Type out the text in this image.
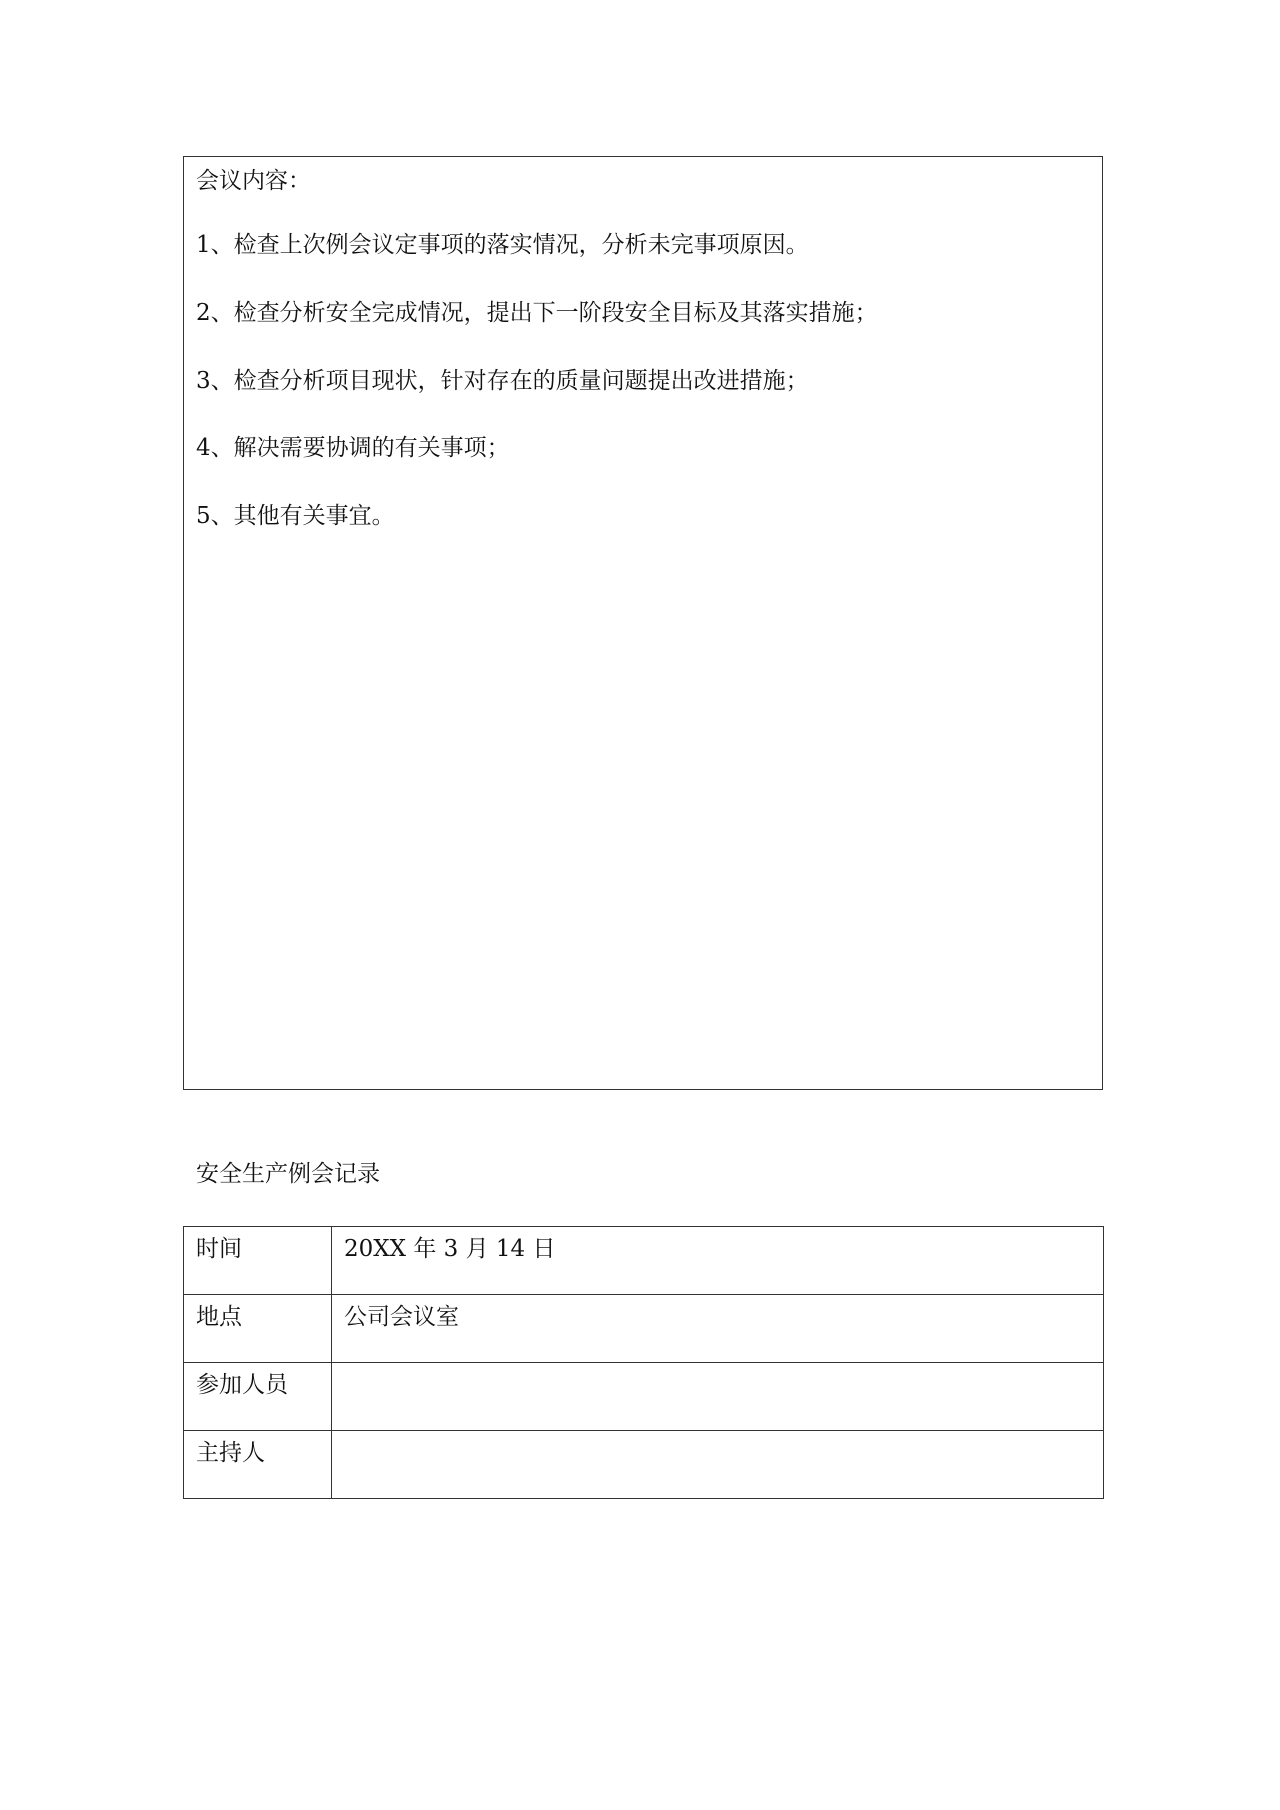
会议内容：
1、检查上次例会议定事项的落实情况，分析未完事项原因。
2、检查分析安全完成情况，提出下一阶段安全目标及其落实措施；
3、检查分析项目现状，针对存在的质量问题提出改进措施；
4、解决需要协调的有关事项；
5、其他有关事宜。
安全生产例会记录
时间	20XX 年 3 月 14 日
地点	公司会议室
参加人员	
主持人	
